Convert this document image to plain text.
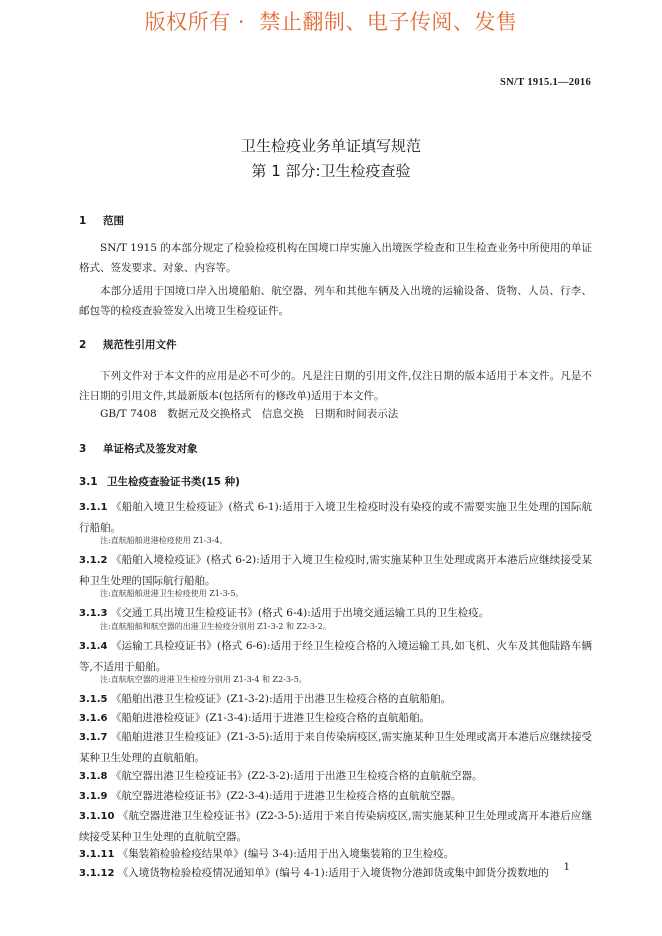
版权所有 ·  禁止翻制、电子传阅、发售
SN/T 1915.1—2016
卫生检疫业务单证填写规范
第 1 部分:卫生检疫查验
1 范围
SN/T 1915 的本部分规定了检验检疫机构在国境口岸实施入出境医学检查和卫生检查业务中所使用的单证格式、签发要求、对象、内容等。
本部分适用于国境口岸入出境船舶、航空器、列车和其他车辆及入出境的运输设备、货物、人员、行李、邮包等的检疫查验签发入出境卫生检疫证件。
2 规范性引用文件
下列文件对于本文件的应用是必不可少的。凡是注日期的引用文件,仅注日期的版本适用于本文件。凡是不注日期的引用文件,其最新版本(包括所有的修改单)适用于本文件。
GB/T 7408　数据元及交换格式　信息交换　日期和时间表示法
3 单证格式及签发对象
3.1 卫生检疫查验证书类(15 种)
3.1.1 《船舶入境卫生检疫证》(格式 6-1):适用于入境卫生检疫时没有染疫的或不需要实施卫生处理的国际航行船舶。
注:直航船舶进港检疫使用 Z1-3-4。
3.1.2 《船舶入境检疫证》(格式 6-2):适用于入境卫生检疫时,需实施某种卫生处理或离开本港后应继续接受某种卫生处理的国际航行船舶。
注:直航船舶进港卫生检疫使用 Z1-3-5。
3.1.3 《交通工具出境卫生检疫证书》(格式 6-4):适用于出境交通运输工具的卫生检疫。
注:直航船舶和航空器的出港卫生检疫分别用 Z1-3-2 和 Z2-3-2。
3.1.4 《运输工具检疫证书》(格式 6-6):适用于经卫生检疫合格的入境运输工具,如飞机、火车及其他陆路车辆等,不适用于船舶。
注:直航航空器的进港卫生检疫分别用 Z1-3-4 和 Z2-3-5。
3.1.5 《船舶出港卫生检疫证》(Z1-3-2):适用于出港卫生检疫合格的直航船舶。
3.1.6 《船舶进港检疫证》(Z1-3-4):适用于进港卫生检疫合格的直航船舶。
3.1.7 《船舶进港卫生检疫证》(Z1-3-5):适用于来自传染病疫区,需实施某种卫生处理或离开本港后应继续接受某种卫生处理的直航船舶。
3.1.8 《航空器出港卫生检疫证书》(Z2-3-2):适用于出港卫生检疫合格的直航航空器。
3.1.9 《航空器进港检疫证书》(Z2-3-4):适用于进港卫生检疫合格的直航航空器。
3.1.10 《航空器进港卫生检疫证书》(Z2-3-5):适用于来自传染病疫区,需实施某种卫生处理或离开本港后应继续接受某种卫生处理的直航航空器。
3.1.11 《集装箱检验检疫结果单》(编号 3-4):适用于出入境集装箱的卫生检疫。
3.1.12 《入境货物检验检疫情况通知单》(编号 4-1):适用于入境货物分港卸货或集中卸货分拨数地的	1
